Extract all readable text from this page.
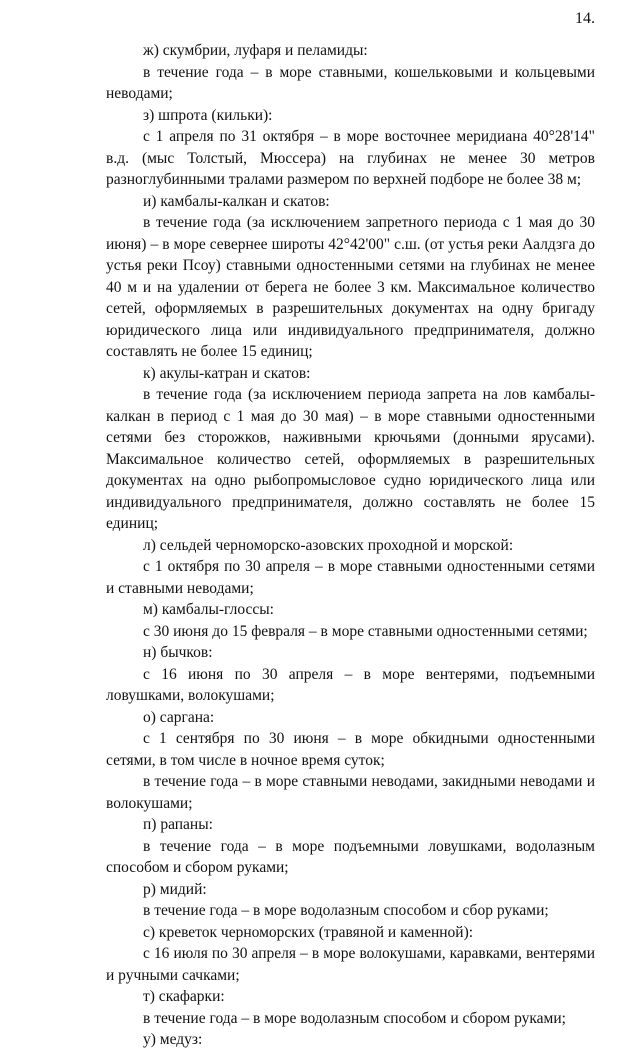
14.

ж) скумбрии, луфаря и пеламиды:

в течение года – в море ставными, кошельковыми и кольцевыми неводами;

з) шпрота (кильки):

с 1 апреля по 31 октября – в море восточнее меридиана 40°28'14" в.д. (мыс Толстый, Мюссера) на глубинах не менее 30 метров разноглубинными тралами размером по верхней подборе не более 38 м;

и) камбалы-калкан и скатов:

в течение года (за исключением запретного периода с 1 мая до 30 июня) – в море севернее широты 42°42'00" с.ш. (от устья реки Аалдзга до устья реки Псоу) ставными одностенными сетями на глубинах не менее 40 м и на удалении от берега не более 3 км. Максимальное количество сетей, оформляемых в разрешительных документах на одну бригаду юридического лица или индивидуального предпринимателя, должно составлять не более 15 единиц;

к) акулы-катран и скатов:

в течение года (за исключением периода запрета на лов камбалы-калкан в период с 1 мая до 30 мая) – в море ставными одностенными сетями без сторожков, наживными крючьями (донными ярусами). Максимальное количество сетей, оформляемых в разрешительных документах на одно рыбопромысловое судно юридического лица или индивидуального предпринимателя, должно составлять не более 15 единиц;

л) сельдей черноморско-азовских проходной и морской:

с 1 октября по 30 апреля – в море ставными одностенными сетями и ставными неводами;

м) камбалы-глоссы:

с 30 июня до 15 февраля – в море ставными одностенными сетями;

н) бычков:

с 16 июня по 30 апреля – в море вентерями, подъемными ловушками, волокушами;

о) саргана:

с 1 сентября по 30 июня – в море обкидными одностенными сетями, в том числе в ночное время суток;

в течение года – в море ставными неводами, закидными неводами и волокушами;

п) рапаны:

в течение года – в море подъемными ловушками, водолазным способом и сбором руками;

р) мидий:

в течение года – в море водолазным способом и сбор руками;

с) креветок черноморских (травяной и каменной):

с 16 июля по 30 апреля – в море волокушами, каравками, вентерями и ручными сачками;

т) скафарки:

в течение года – в море водолазным способом и сбором руками;

у) медуз:
